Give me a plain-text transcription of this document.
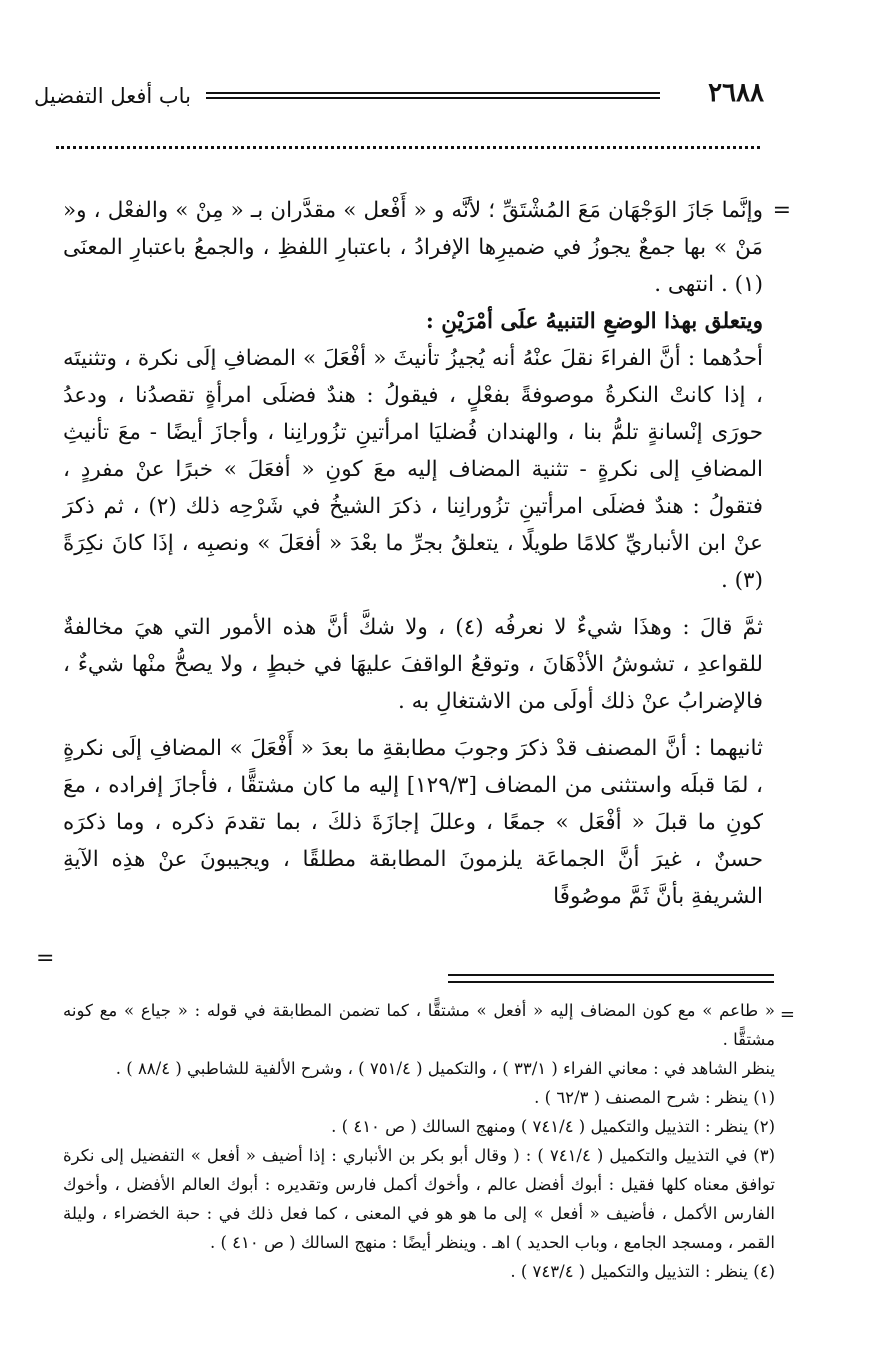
باب أفعل التفضيل	٢٦٨٨
=

وإنَّما جَازَ الوَجْهَان مَعَ المُشْتَقِّ ؛ لأنَّه و « أَفْعل » مقدَّران بـ « مِنْ » والفعْل ، و« مَنْ » بها جمعٌ يجوزُ في ضميرِها الإفرادُ ، باعتبارِ اللفظِ ، والجمعُ باعتبارِ المعنَى (١) . انتهى .

ويتعلق بهذا الوضعِ التنبيهُ علَى أمْرَيْنِ :

أحدُهما : أنَّ الفراءَ نقلَ عنْهُ أنه يُجيزُ تأنيثَ « أفْعَلَ » المضافِ إلَى نكرة ، وتثنيتَه ، إذا كانتْ النكرةُ موصوفةً بفعْلٍ ، فيقولُ : هندٌ فضلَى امرأةٍ تقصدُنا ، ودعدُ حورَى إنْسانةٍ تلمُّ بنا ، والهندان فُضليَا امرأتينِ تزُورانِنا ، وأجازَ أيضًا - معَ تأنيثِ المضافِ إلى نكرةٍ - تثنية المضاف إليه معَ كونِ « أفعَلَ » خبرًا عنْ مفردٍ ، فتقولُ : هندٌ فضلَى امرأتينِ تزُورانِنا ، ذكرَ الشيخُ في شَرْحِه ذلك (٢) ، ثم ذكرَ عنْ ابن الأنباريِّ كلامًا طويلًا ، يتعلقُ بجرِّ ما بعْدَ « أفعَلَ » ونصبِه ، إذَا كانَ نكِرَةً (٣) .

ثمَّ قالَ : وهذَا شيءٌ لا نعرفُه (٤) ، ولا شكَّ أنَّ هذه الأمور التي هيَ مخالفةٌ للقواعدِ ، تشوشُ الأذْهَانَ ، وتوقعُ الواقفَ عليهَا في خبطٍ ، ولا يصحُّ منْها شيءٌ ، فالإضرابُ عنْ ذلك أولَى من الاشتغالِ به .

ثانيهما : أنَّ المصنف قدْ ذكرَ وجوبَ مطابقةِ ما بعدَ « أَفْعَلَ » المضافِ إلَى نكرةٍ ، لمَا قبلَه واستثنى من المضاف [١٢٩/٣] إليه ما كان مشتقًّا ، فأجازَ إفراده ، معَ كونِ ما قبلَ « أفْعَل » جمعًا ، وعللَ إجازَةَ ذلكَ ، بما تقدمَ ذكره ، وما ذكرَه حسنٌ ، غيرَ أنَّ الجماعَة يلزمونَ المطابقة مطلقًا ، ويجيبونَ عنْ هذِه الآيةِ الشريفةِ بأنَّ ثَمَّ موصُوفًا

=
=

« طاعم » مع كون المضاف إليه « أفعل » مشتقًّا ، كما تضمن المطابقة في قوله : « جياع » مع كونه مشتقًّا .

ينظر الشاهد في : معاني الفراء ( ٣٣/١ ) ، والتكميل ( ٧٥١/٤ ) ، وشرح الألفية للشاطبي ( ٨٨/٤ ) .

(١) ينظر : شرح المصنف ( ٦٢/٣ ) .

(٢) ينظر : التذييل والتكميل ( ٧٤١/٤ ) ومنهج السالك ( ص ٤١٠ ) .

(٣) في التذييل والتكميل ( ٧٤١/٤ ) : ( وقال أبو بكر بن الأنباري : إذا أضيف « أفعل » التفضيل إلى نكرة توافق معناه كلها فقيل : أبوك أفضل عالم ، وأخوك أكمل فارس وتقديره : أبوك العالم الأفضل ، وأخوك الفارس الأكمل ، فأضيف « أفعل » إلى ما هو هو في المعنى ، كما فعل ذلك في : حبة الخضراء ، وليلة القمر ، ومسجد الجامع ، وباب الحديد ) اهـ . وينظر أيضًا : منهج السالك ( ص ٤١٠ ) .

(٤) ينظر : التذييل والتكميل ( ٧٤٣/٤ ) .
